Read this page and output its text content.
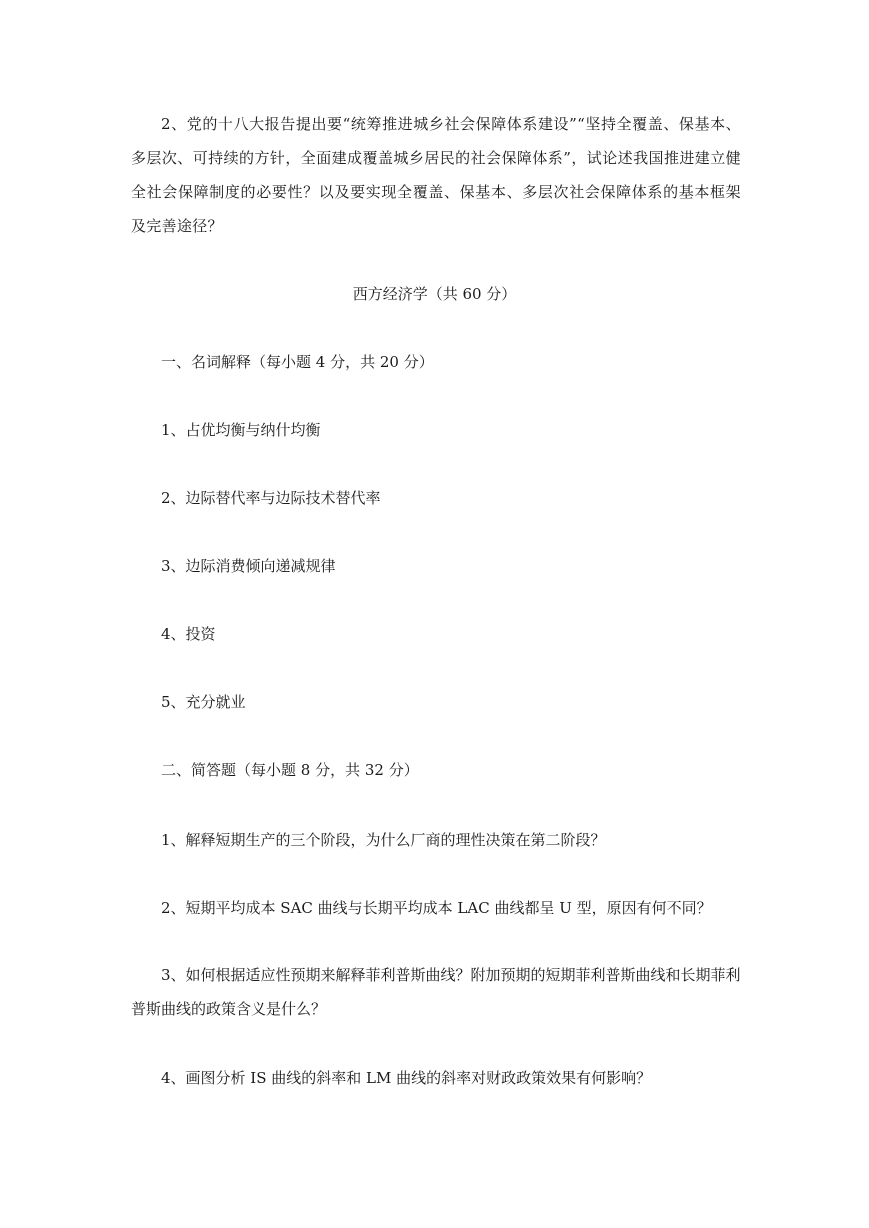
2、党的十八大报告提出要“统筹推进城乡社会保障体系建设”“坚持全覆盖、保基本、多层次、可持续的方针，全面建成覆盖城乡居民的社会保障体系”，试论述我国推进建立健全社会保障制度的必要性？以及要实现全覆盖、保基本、多层次社会保障体系的基本框架及完善途径？

西方经济学（共 60 分）

一、名词解释（每小题 4 分，共 20 分）

1、占优均衡与纳什均衡

2、边际替代率与边际技术替代率

3、边际消费倾向递减规律

4、投资

5、充分就业

二、简答题（每小题 8 分，共 32 分）

1、解释短期生产的三个阶段，为什么厂商的理性决策在第二阶段？

2、短期平均成本 SAC 曲线与长期平均成本 LAC 曲线都呈 U 型，原因有何不同？

3、如何根据适应性预期来解释菲利普斯曲线？附加预期的短期菲利普斯曲线和长期菲利普斯曲线的政策含义是什么？

4、画图分析 IS 曲线的斜率和 LM 曲线的斜率对财政政策效果有何影响？
